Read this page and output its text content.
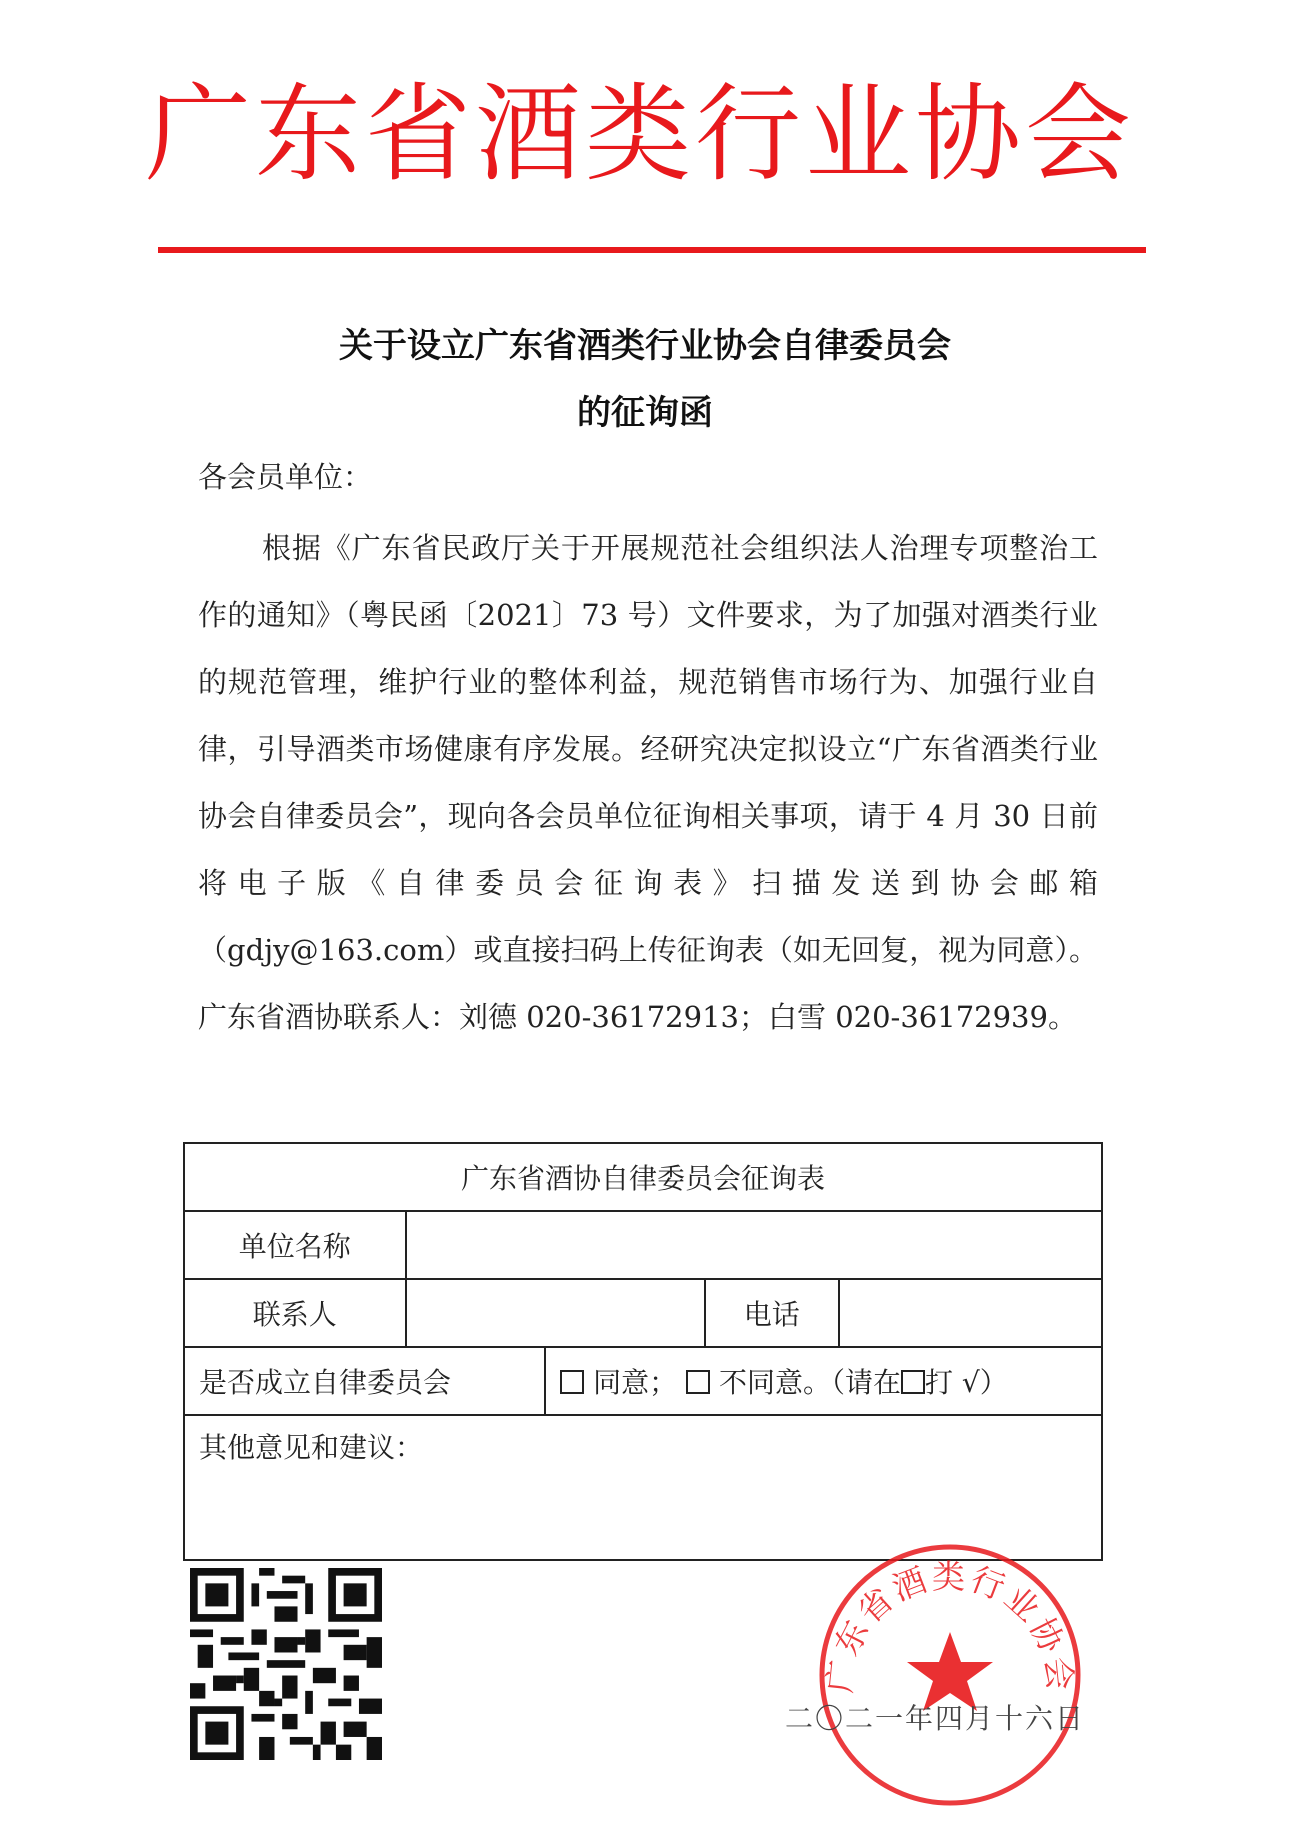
广东省酒类行业协会
关于设立广东省酒类行业协会自律委员会
的征询函
各会员单位：

根据《广东省民政厅关于开展规范社会组织法人治理专项整治工作的通知》（粤民函〔2021〕73 号）文件要求，为了加强对酒类行业的规范管理，维护行业的整体利益，规范销售市场行为、加强行业自律，引导酒类市场健康有序发展。经研究决定拟设立“广东省酒类行业协会自律委员会”，现向各会员单位征询相关事项，请于 4 月 30 日前将电子版《自律委员会征询表》扫描发送到协会邮箱（gdjy@163.com）或直接扫码上传征询表（如无回复，视为同意）。广东省酒协联系人：刘德 020-36172913；白雪 020-36172939。

广东省酒协自律委员会征询表				
单位名称				
联系人			电话	
是否成立自律委员会		同意； 不同意。（请在 打 √）		
其他意见和建议：				
广东省酒类行业协会
二〇二一年四月十六日
